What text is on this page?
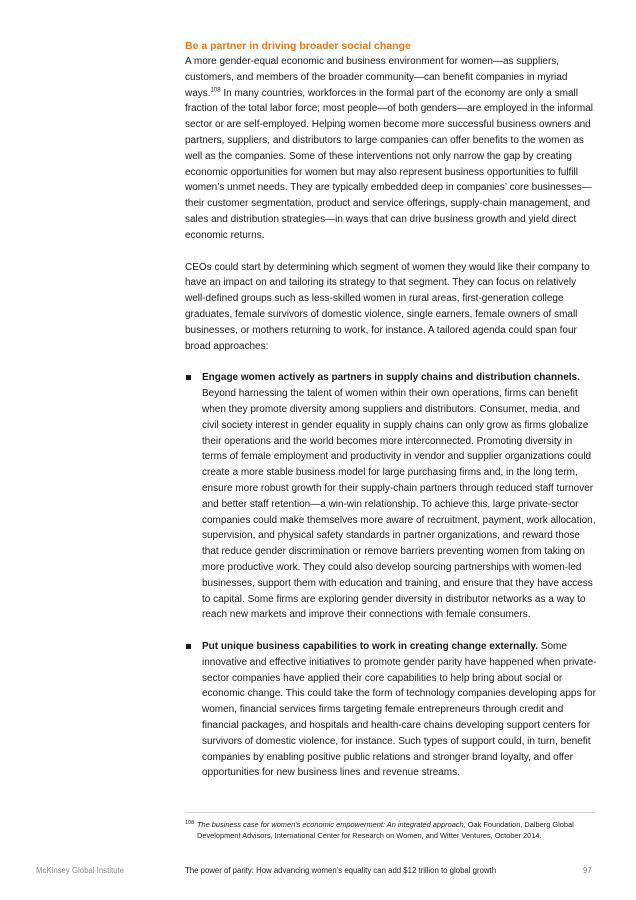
Be a partner in driving broader social change

A more gender-equal economic and business environment for women—as suppliers, customers, and members of the broader community—can benefit companies in myriad ways.$^{108}$ In many countries, workforces in the formal part of the economy are only a small fraction of the total labor force; most people—of both genders—are employed in the informal sector or are self-employed. Helping women become more successful business owners and partners, suppliers, and distributors to large companies can offer benefits to the women as well as the companies. Some of these interventions not only narrow the gap by creating economic opportunities for women but may also represent business opportunities to fulfill women’s unmet needs. They are typically embedded deep in companies’ core businesses—their customer segmentation, product and service offerings, supply-chain management, and sales and distribution strategies—in ways that can drive business growth and yield direct economic returns.

CEOs could start by determining which segment of women they would like their company to have an impact on and tailoring its strategy to that segment. They can focus on relatively well-defined groups such as less-skilled women in rural areas, first-generation college graduates, female survivors of domestic violence, single earners, female owners of small businesses, or mothers returning to work, for instance. A tailored agenda could span four broad approaches:

Engage women actively as partners in supply chains and distribution channels. Beyond harnessing the talent of women within their own operations, firms can benefit when they promote diversity among suppliers and distributors. Consumer, media, and civil society interest in gender equality in supply chains can only grow as firms globalize their operations and the world becomes more interconnected. Promoting diversity in terms of female employment and productivity in vendor and supplier organizations could create a more stable business model for large purchasing firms and, in the long term, ensure more robust growth for their supply-chain partners through reduced staff turnover and better staff retention—a win-win relationship. To achieve this, large private-sector companies could make themselves more aware of recruitment, payment, work allocation, supervision, and physical safety standards in partner organizations, and reward those that reduce gender discrimination or remove barriers preventing women from taking on more productive work. They could also develop sourcing partnerships with women-led businesses, support them with education and training, and ensure that they have access to capital. Some firms are exploring gender diversity in distributor networks as a way to reach new markets and improve their connections with female consumers.
Put unique business capabilities to work in creating change externally. Some innovative and effective initiatives to promote gender parity have happened when private-sector companies have applied their core capabilities to help bring about social or economic change. This could take the form of technology companies developing apps for women, financial services firms targeting female entrepreneurs through credit and financial packages, and hospitals and health-care chains developing support centers for survivors of domestic violence, for instance. Such types of support could, in turn, benefit companies by enabling positive public relations and stronger brand loyalty, and offer opportunities for new business lines and revenue streams.
108 The business case for women’s economic empowerment: An integrated approach, Oak Foundation, Dalberg Global Development Advisors, International Center for Research on Women, and Witter Ventures, October 2014.
McKinsey Global Institute	The power of parity: How advancing women’s equality can add $12 trillion to global growth	97
